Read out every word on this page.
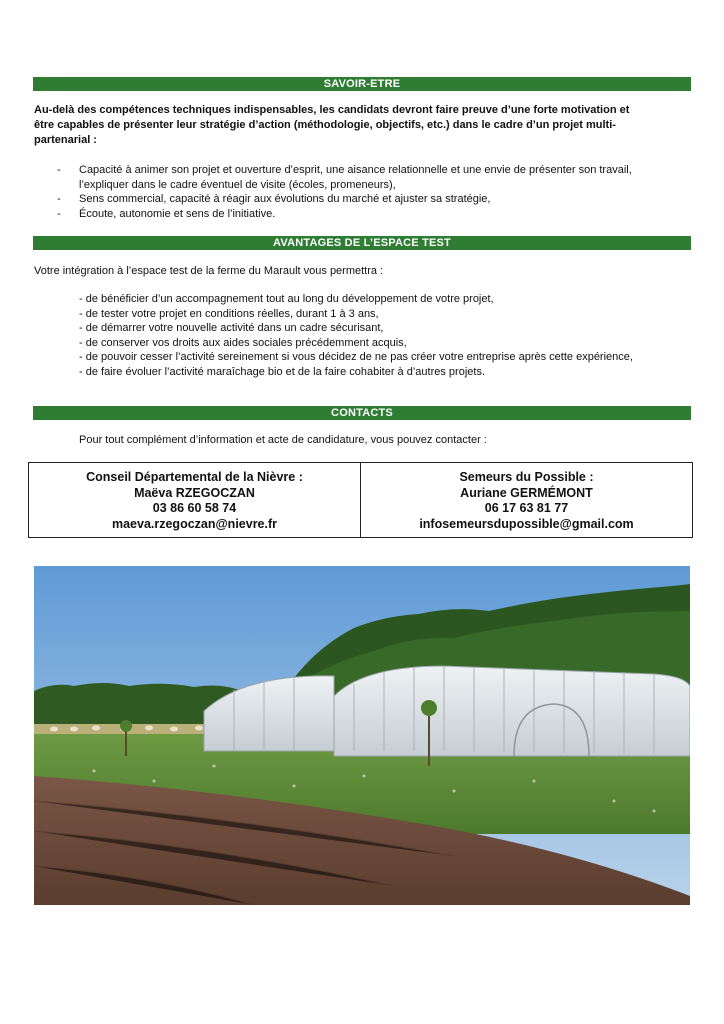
SAVOIR-ETRE
Au-delà des compétences techniques indispensables, les candidats devront faire preuve d’une forte motivation et
être capables de présenter leur stratégie d’action (méthodologie, objectifs, etc.) dans le cadre d’un projet multi-
partenarial :
- Capacité à animer son projet et ouverture d’esprit, une aisance relationnelle et une envie de présenter son travail,
l’expliquer dans le cadre éventuel de visite (écoles, promeneurs),
- Sens commercial, capacité à réagir aux évolutions du marché et ajuster sa stratégie,
- Écoute, autonomie et sens de l’initiative.
AVANTAGES DE L’ESPACE TEST
Votre intégration à l’espace test de la ferme du Marault vous permettra :
- de bénéficier d’un accompagnement tout au long du développement de votre projet,
- de tester votre projet en conditions réelles, durant 1 à 3 ans,
- de démarrer votre nouvelle activité dans un cadre sécurisant,
- de conserver vos droits aux aides sociales précédemment acquis,
- de pouvoir cesser l’activité sereinement si vous décidez de ne pas créer votre entreprise après cette expérience,
- de faire évoluer l’activité maraîchage bio et de la faire cohabiter à d’autres projets.
CONTACTS
Pour tout complément d’information et acte de candidature, vous pouvez contacter :
Conseil Départemental de la Nièvre :
Maëva RZEGOCZAN
03 86 60 58 74
maeva.rzegoczan@nievre.fr
Semeurs du Possible :
Auriane GERMÉMONT
06 17 63 81 77
infosemeursdupossible@gmail.com
